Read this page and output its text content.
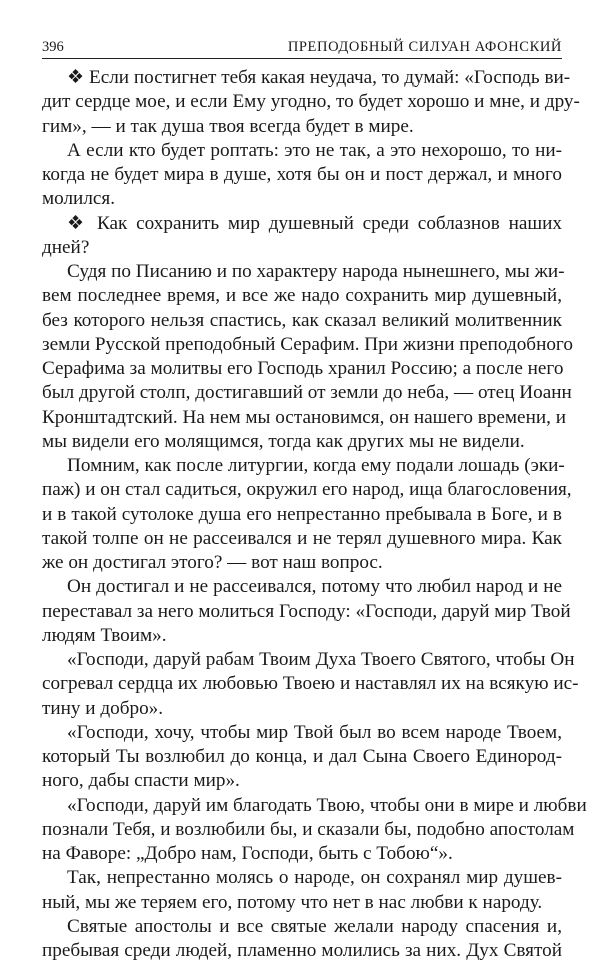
396	ПРЕПОДОБНЫЙ СИЛУАН АФОНСКИЙ
❖ Если постигнет тебя какая неудача, то думай: «Господь ви-
дит сердце мое, и если Ему угодно, то будет хорошо и мне, и дру-
гим», — и так душа твоя всегда будет в мире.
А если кто будет роптать: это не так, а это нехорошо, то ни-
когда не будет мира в душе, хотя бы он и пост держал, и много
молился.
❖ Как сохранить мир душевный среди соблазнов наших
дней?
Судя по Писанию и по характеру народа нынешнего, мы жи-
вем последнее время, и все же надо сохранить мир душевный,
без которого нельзя спастись, как сказал великий молитвенник
земли Русской преподобный Серафим. При жизни преподобного
Серафима за молитвы его Господь хранил Россию; а после него
был другой столп, достигавший от земли до неба, — отец Иоанн
Кронштадтский. На нем мы остановимся, он нашего времени, и
мы видели его молящимся, тогда как других мы не видели.
Помним, как после литургии, когда ему подали лошадь (эки-
паж) и он стал садиться, окружил его народ, ища благословения,
и в такой сутолоке душа его непрестанно пребывала в Боге, и в
такой толпе он не рассеивался и не терял душевного мира. Как
же он достигал этого? — вот наш вопрос.
Он достигал и не рассеивался, потому что любил народ и не
переставал за него молиться Господу: «Господи, даруй мир Твой
людям Твоим».
«Господи, даруй рабам Твоим Духа Твоего Святого, чтобы Он
согревал сердца их любовью Твоею и наставлял их на всякую ис-
тину и добро».
«Господи, хочу, чтобы мир Твой был во всем народе Твоем,
который Ты возлюбил до конца, и дал Сына Своего Единород-
ного, дабы спасти мир».
«Господи, даруй им благодать Твою, чтобы они в мире и любви
познали Тебя, и возлюбили бы, и сказали бы, подобно апостолам
на Фаворе: „Добро нам, Господи, быть с Тобою“».
Так, непрестанно молясь о народе, он сохранял мир душев-
ный, мы же теряем его, потому что нет в нас любви к народу.
Святые апостолы и все святые желали народу спасения и,
пребывая среди людей, пламенно молились за них. Дух Святой
